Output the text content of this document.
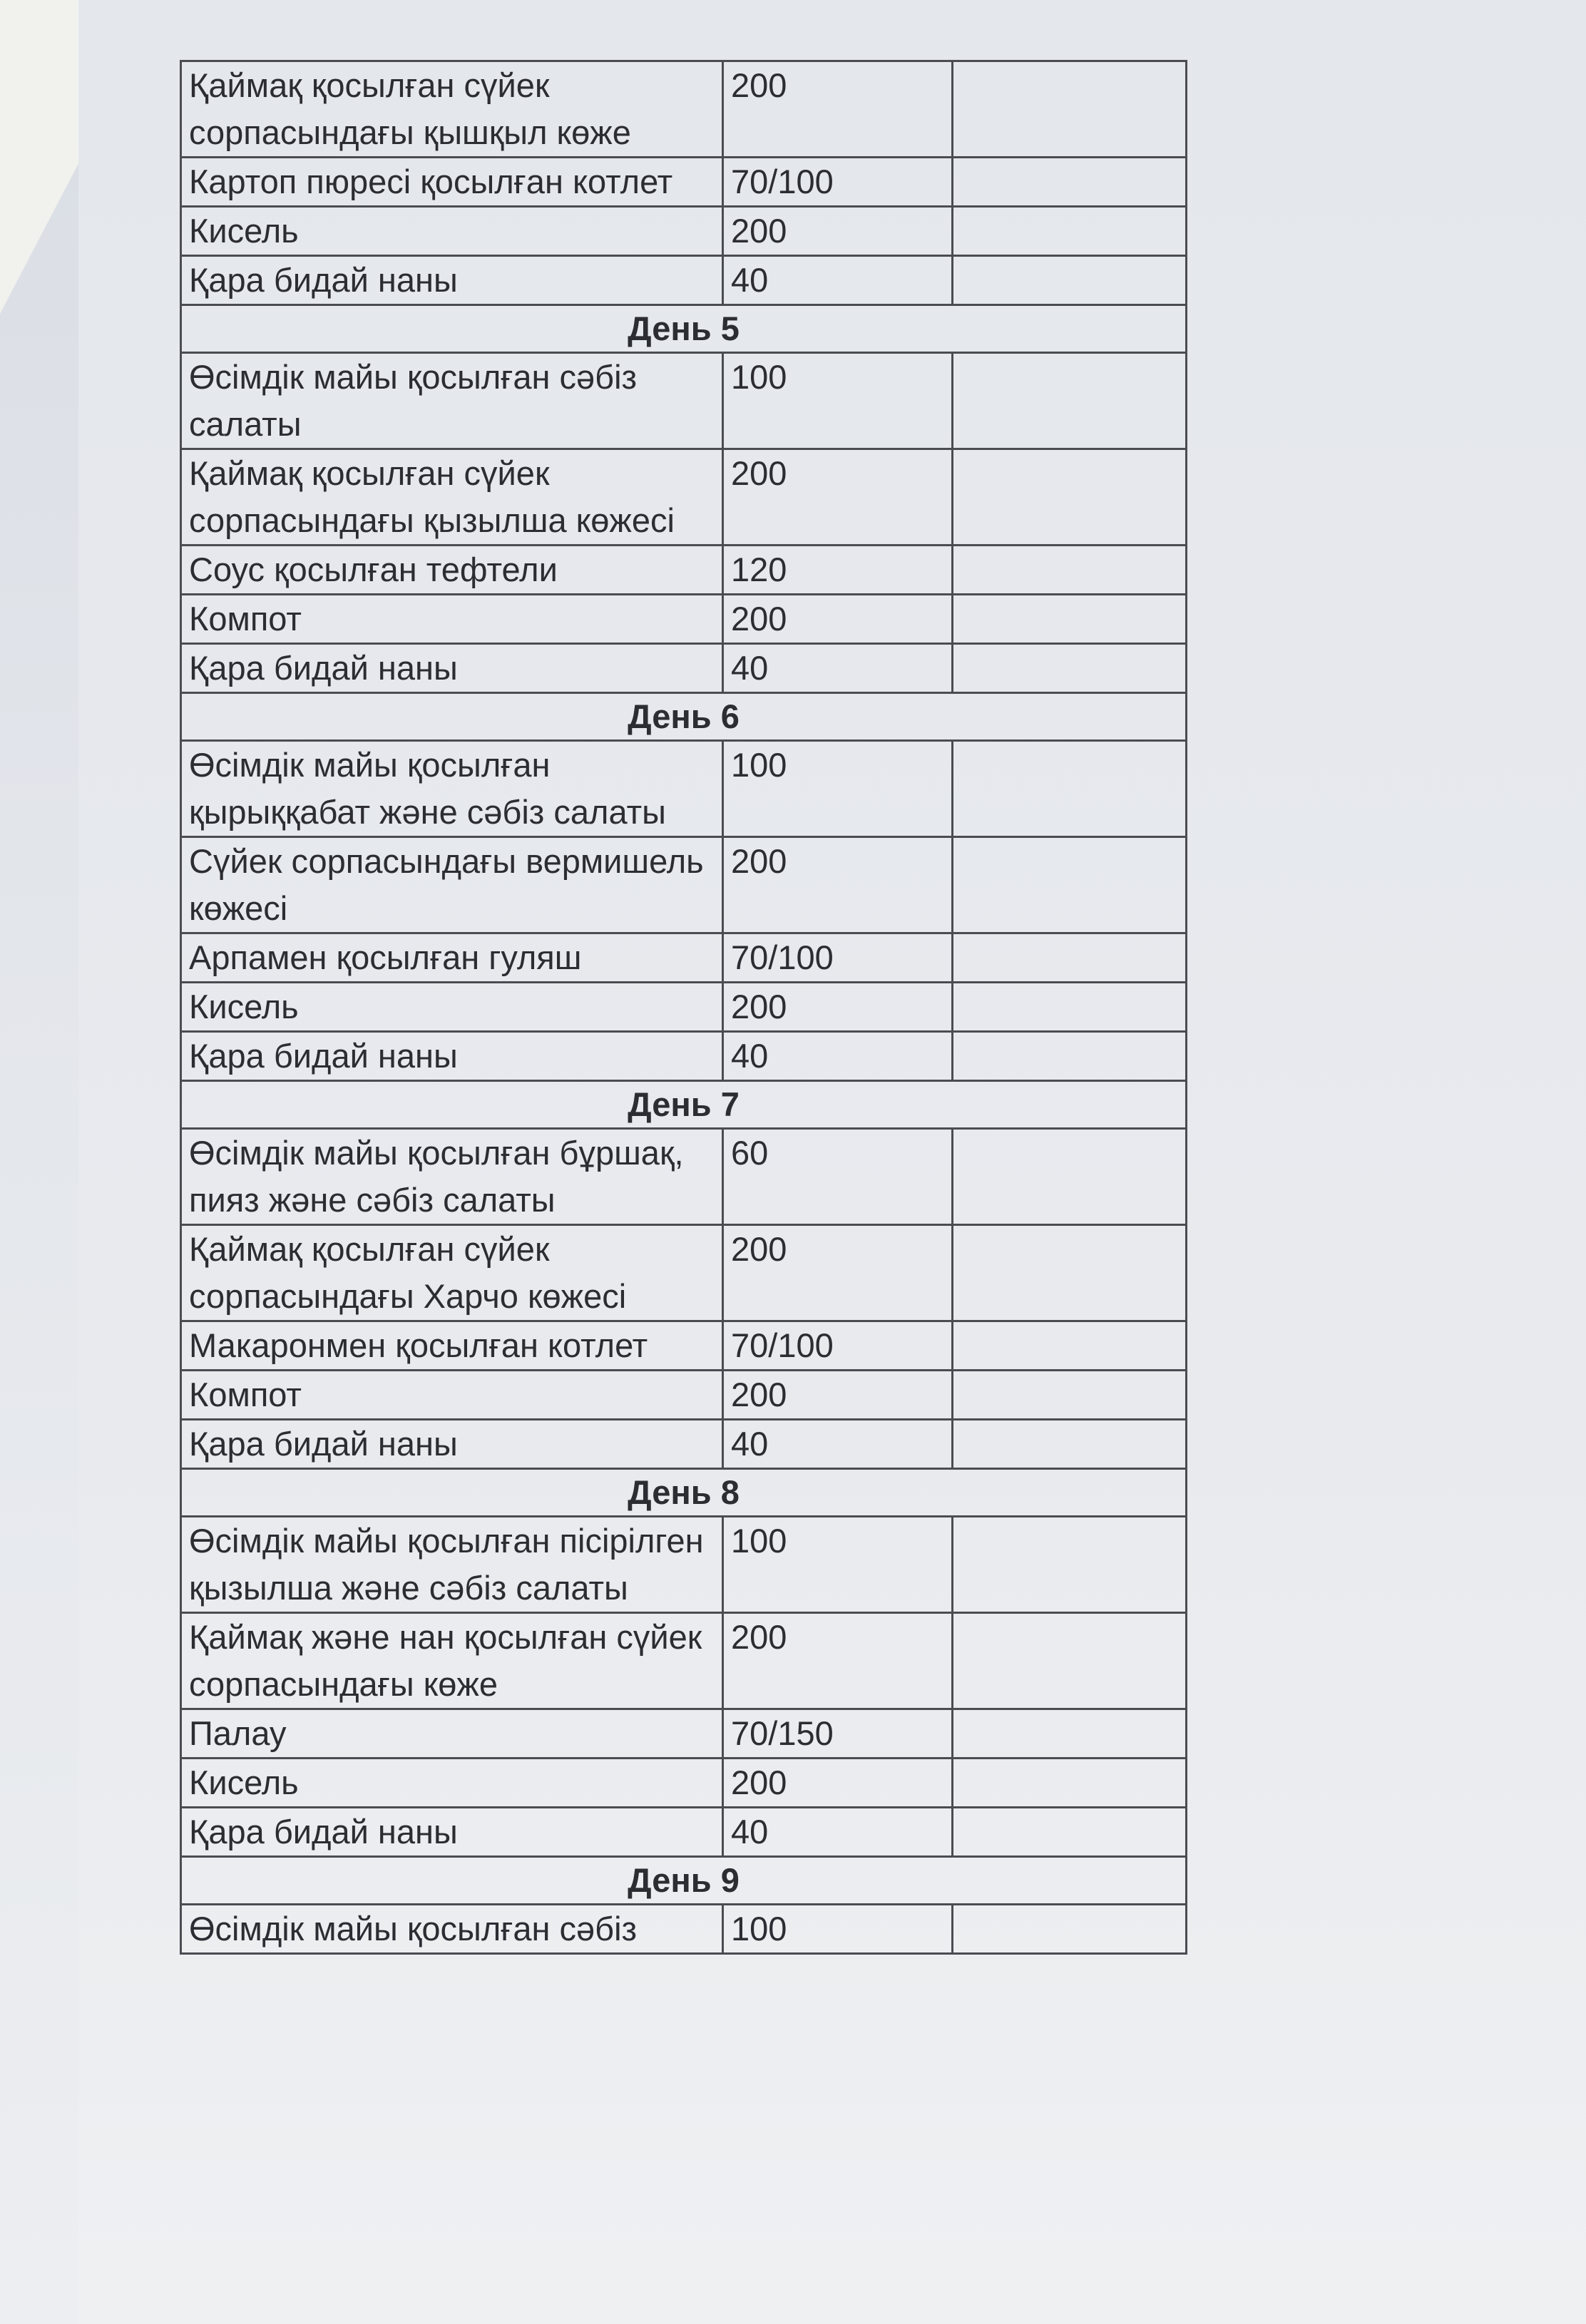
Қаймақ қосылған сүйек сорпасындағы қышқыл көже	200	
Картоп пюресі қосылған котлет	70/100	
Кисель	200	
Қара бидай наны	40	
День 5		
Өсімдік майы қосылған сәбіз салаты	100	
Қаймақ қосылған сүйек сорпасындағы қызылша көжесі	200	
Соус қосылған тефтели	120	
Компот	200	
Қара бидай наны	40	
День 6		
Өсімдік майы қосылған қырыққабат және сәбіз салаты	100	
Сүйек сорпасындағы вермишель көжесі	200	
Арпамен қосылған гуляш	70/100	
Кисель	200	
Қара бидай наны	40	
День 7		
Өсімдік майы қосылған бұршақ, пияз және сәбіз салаты	60	
Қаймақ қосылған сүйек сорпасындағы Харчо көжесі	200	
Макаронмен қосылған котлет	70/100	
Компот	200	
Қара бидай наны	40	
День 8		
Өсімдік майы қосылған пісірілген қызылша және сәбіз салаты	100	
Қаймақ және нан қосылған сүйек сорпасындағы көже	200	
Палау	70/150	
Кисель	200	
Қара бидай наны	40	
День 9		
Өсімдік майы қосылған сәбіз	100	
